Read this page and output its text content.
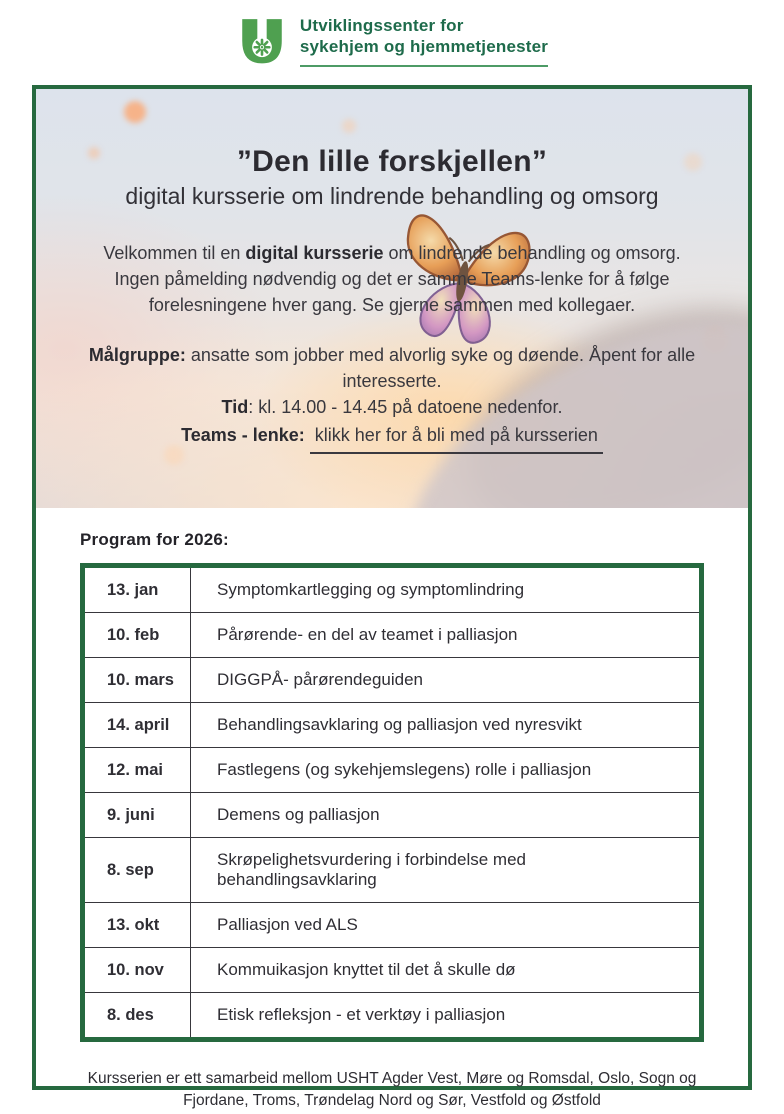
Utviklingssenter for
sykehjem og hjemmetjenester
”Den lille forskjellen”
digital kursserie om lindrende behandling og omsorg

Velkommen til en digital kursserie om lindrende behandling og omsorg. Ingen påmelding nødvendig og det er samme Teams-lenke for å følge forelesningene hver gang. Se gjerne sammen med kollegaer.

Målgruppe: ansatte som jobber med alvorlig syke og døende. Åpent for alle interesserte.
Tid: kl. 14.00 - 14.45 på datoene nedenfor.
Teams - lenke: klikk her for å bli med på kursserien
Program for 2026:
13. jan	Symptomkartlegging og symptomlindring
10. feb	Pårørende- en del av teamet i palliasjon
10. mars	DIGGPÅ- pårørendeguiden
14. april	Behandlingsavklaring og palliasjon ved nyresvikt
12. mai	Fastlegens (og sykehjemslegens) rolle i palliasjon
9. juni	Demens og palliasjon
8. sep	Skrøpelighetsvurdering i forbindelse med behandlingsavklaring
13. okt	Palliasjon ved ALS
10. nov	Kommuikasjon knyttet til det å skulle dø
8. des	Etisk refleksjon - et verktøy i palliasjon

Kursserien er ett samarbeid mellom USHT Agder Vest, Møre og Romsdal, Oslo, Sogn og Fjordane, Troms, Trøndelag Nord og Sør, Vestfold og Østfold
